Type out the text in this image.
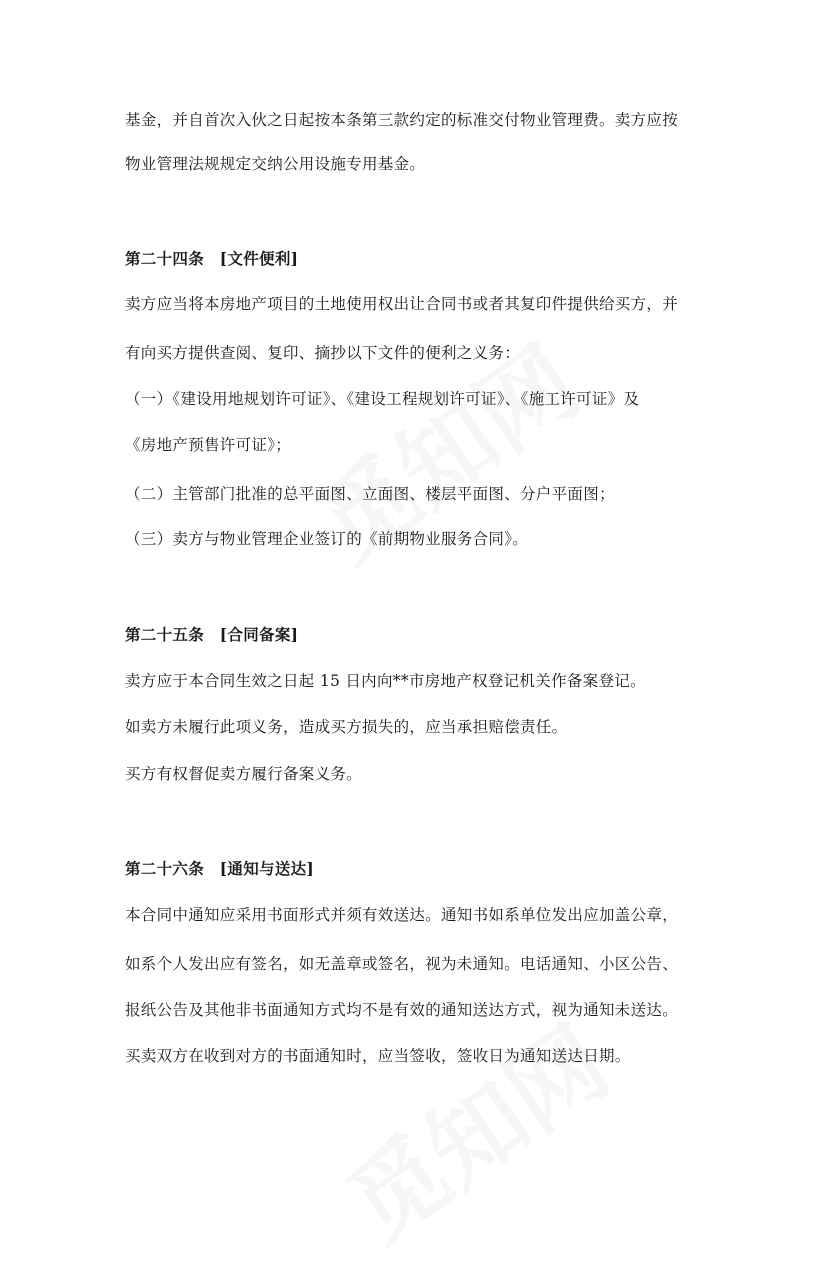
基金，并自首次入伙之日起按本条第三款约定的标准交付物业管理费。卖方应按
物业管理法规规定交纳公用设施专用基金。
第二十四条　[文件便利]
卖方应当将本房地产项目的土地使用权出让合同书或者其复印件提供给买方，并
有向买方提供查阅、复印、摘抄以下文件的便利之义务：
（一）《建设用地规划许可证》、《建设工程规划许可证》、《施工许可证》及
《房地产预售许可证》；
（二）主管部门批准的总平面图、立面图、楼层平面图、分户平面图；
（三）卖方与物业管理企业签订的《前期物业服务合同》。
第二十五条　[合同备案]
卖方应于本合同生效之日起 15 日内向**市房地产权登记机关作备案登记。
如卖方未履行此项义务，造成买方损失的，应当承担赔偿责任。
买方有权督促卖方履行备案义务。
第二十六条　[通知与送达]
本合同中通知应采用书面形式并须有效送达。通知书如系单位发出应加盖公章，
如系个人发出应有签名，如无盖章或签名，视为未通知。电话通知、小区公告、
报纸公告及其他非书面通知方式均不是有效的通知送达方式，视为通知未送达。
买卖双方在收到对方的书面通知时，应当签收，签收日为通知送达日期。
